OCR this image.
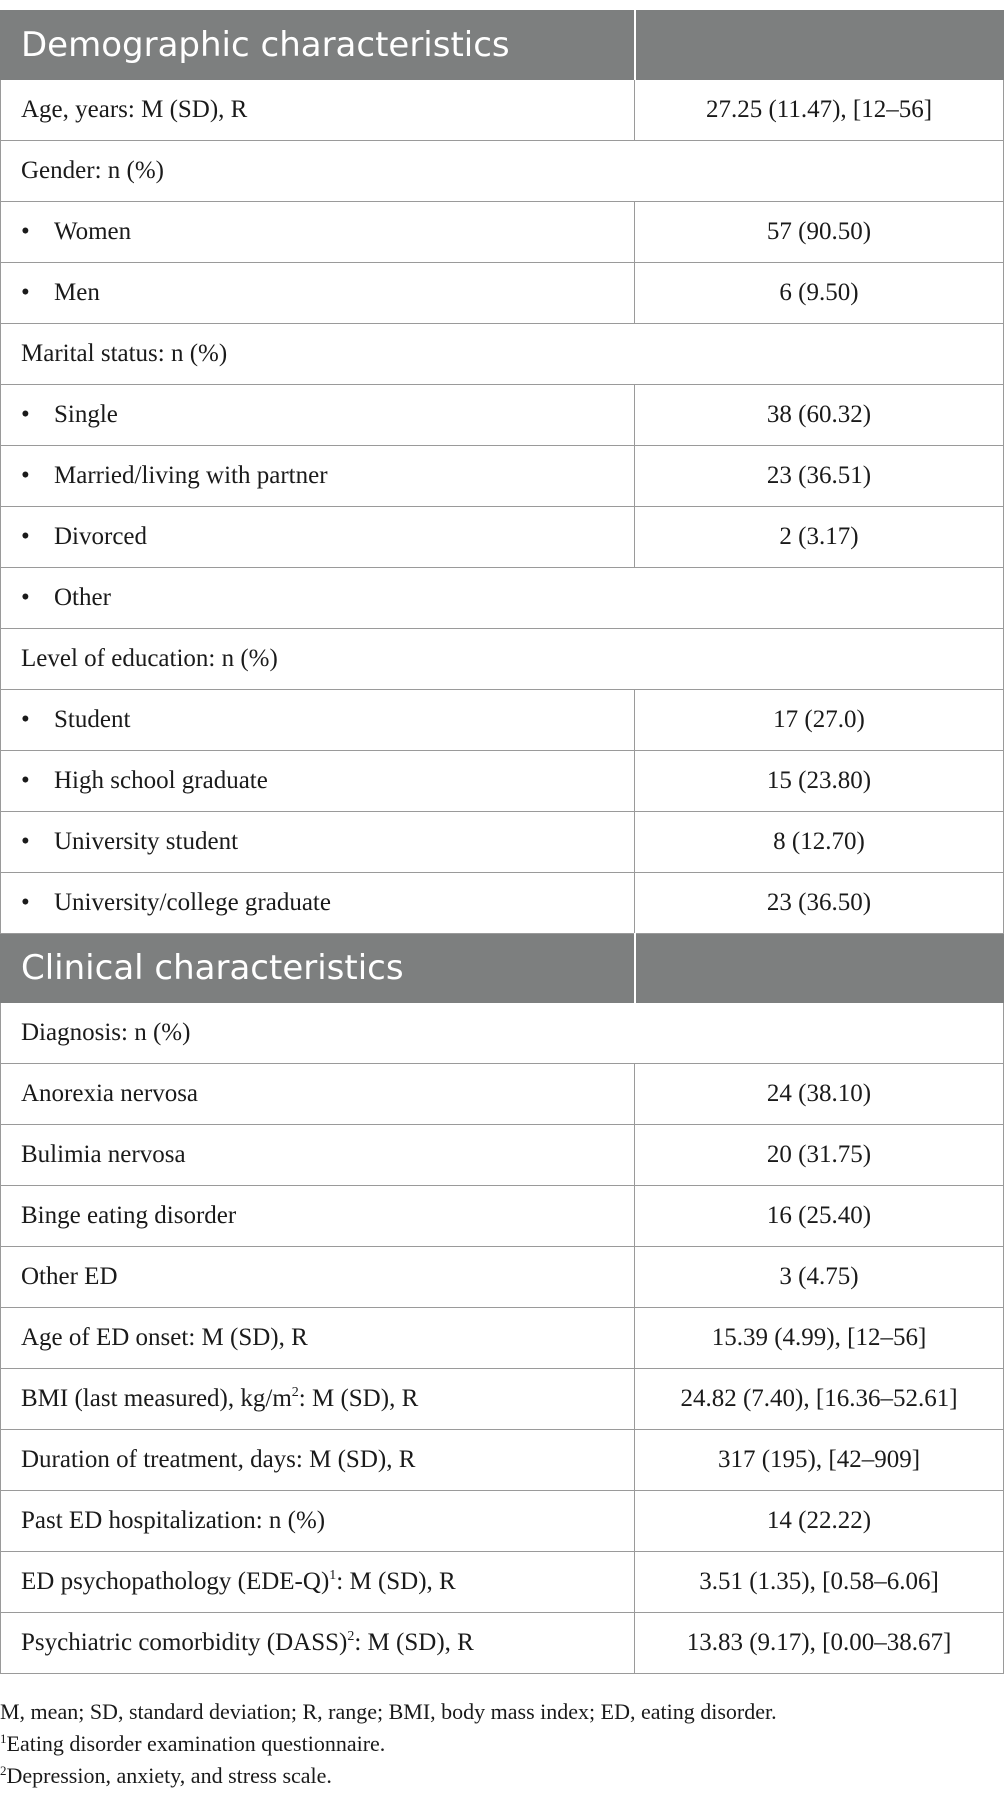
Demographic characteristics	
Age, years: M (SD), R	27.25 (11.47), [12–56]
Gender: n (%)	
• Women	57 (90.50)
• Men	6 (9.50)
Marital status: n (%)	
• Single	38 (60.32)
• Married/living with partner	23 (36.51)
• Divorced	2 (3.17)
• Other	
Level of education: n (%)	
• Student	17 (27.0)
• High school graduate	15 (23.80)
• University student	8 (12.70)
• University/college graduate	23 (36.50)
Clinical characteristics	
Diagnosis: n (%)	
Anorexia nervosa	24 (38.10)
Bulimia nervosa	20 (31.75)
Binge eating disorder	16 (25.40)
Other ED	3 (4.75)
Age of ED onset: M (SD), R	15.39 (4.99), [12–56]
BMI (last measured), $kg/m^2$: M (SD), R	24.82 (7.40), [16.36–52.61]
Duration of treatment, days: M (SD), R	317 (195), [42–909]
Past ED hospitalization: n (%)	14 (22.22)
ED psychopathology $(EDE-Q)^1$: M (SD), R	3.51 (1.35), [0.58–6.06]
Psychiatric comorbidity (DASS)$^2$: M (SD), R	13.83 (9.17), [0.00–38.67]
M, mean; SD, standard deviation; R, range; BMI, body mass index; ED, eating disorder.
$^1$Eating disorder examination questionnaire.
$^2$Depression, anxiety, and stress scale.
